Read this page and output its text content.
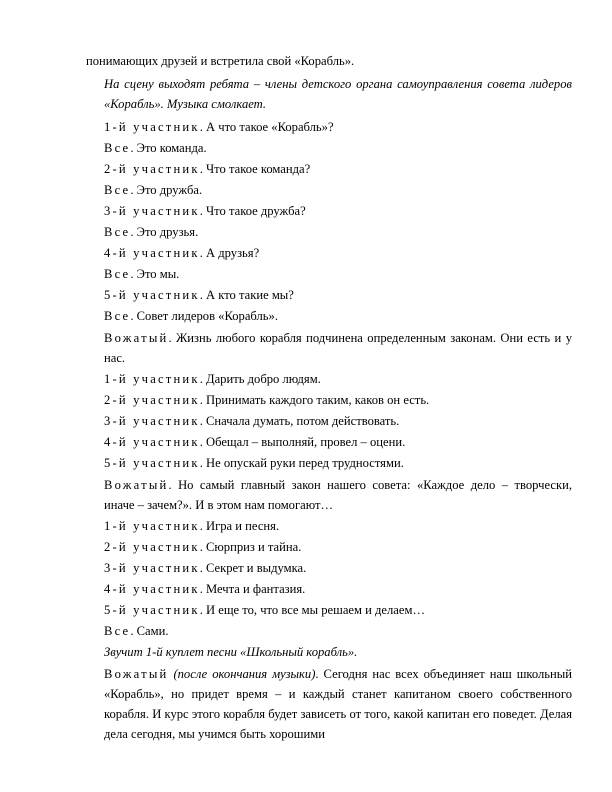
понимающих друзей и встретила свой «Корабль».

На сцену выходят ребята – члены детского органа самоуправления совета лидеров «Корабль». Музыка смолкает.

1-й участник. А что такое «Корабль»?

Все. Это команда.

2-й участник. Что такое команда?

Все. Это дружба.

3-й участник. Что такое дружба?

Все. Это друзья.

4-й участник. А друзья?

Все. Это мы.

5-й участник. А кто такие мы?

Все. Совет лидеров «Корабль».

Вожатый. Жизнь любого корабля подчинена определенным законам. Они есть и у нас.

1-й участник. Дарить добро людям.

2-й участник. Принимать каждого таким, каков он есть.

3-й участник. Сначала думать, потом действовать.

4-й участник. Обещал – выполняй, провел – оцени.

5-й участник. Не опускай руки перед трудностями.

Вожатый. Но самый главный закон нашего совета: «Каждое дело – творчески, иначе – зачем?». И в этом нам помогают…

1-й участник. Игра и песня.

2-й участник. Сюрприз и тайна.

3-й участник. Секрет и выдумка.

4-й участник. Мечта и фантазия.

5-й участник. И еще то, что все мы решаем и делаем…

Все. Сами.

Звучит 1-й куплет песни «Школьный корабль».

Вожатый (после окончания музыки). Сегодня нас всех объединяет наш школьный «Корабль», но придет время – и каждый станет капитаном своего собственного корабля. И курс этого корабля будет зависеть от того, какой капитан его поведет. Делая дела сегодня, мы учимся быть хорошими
